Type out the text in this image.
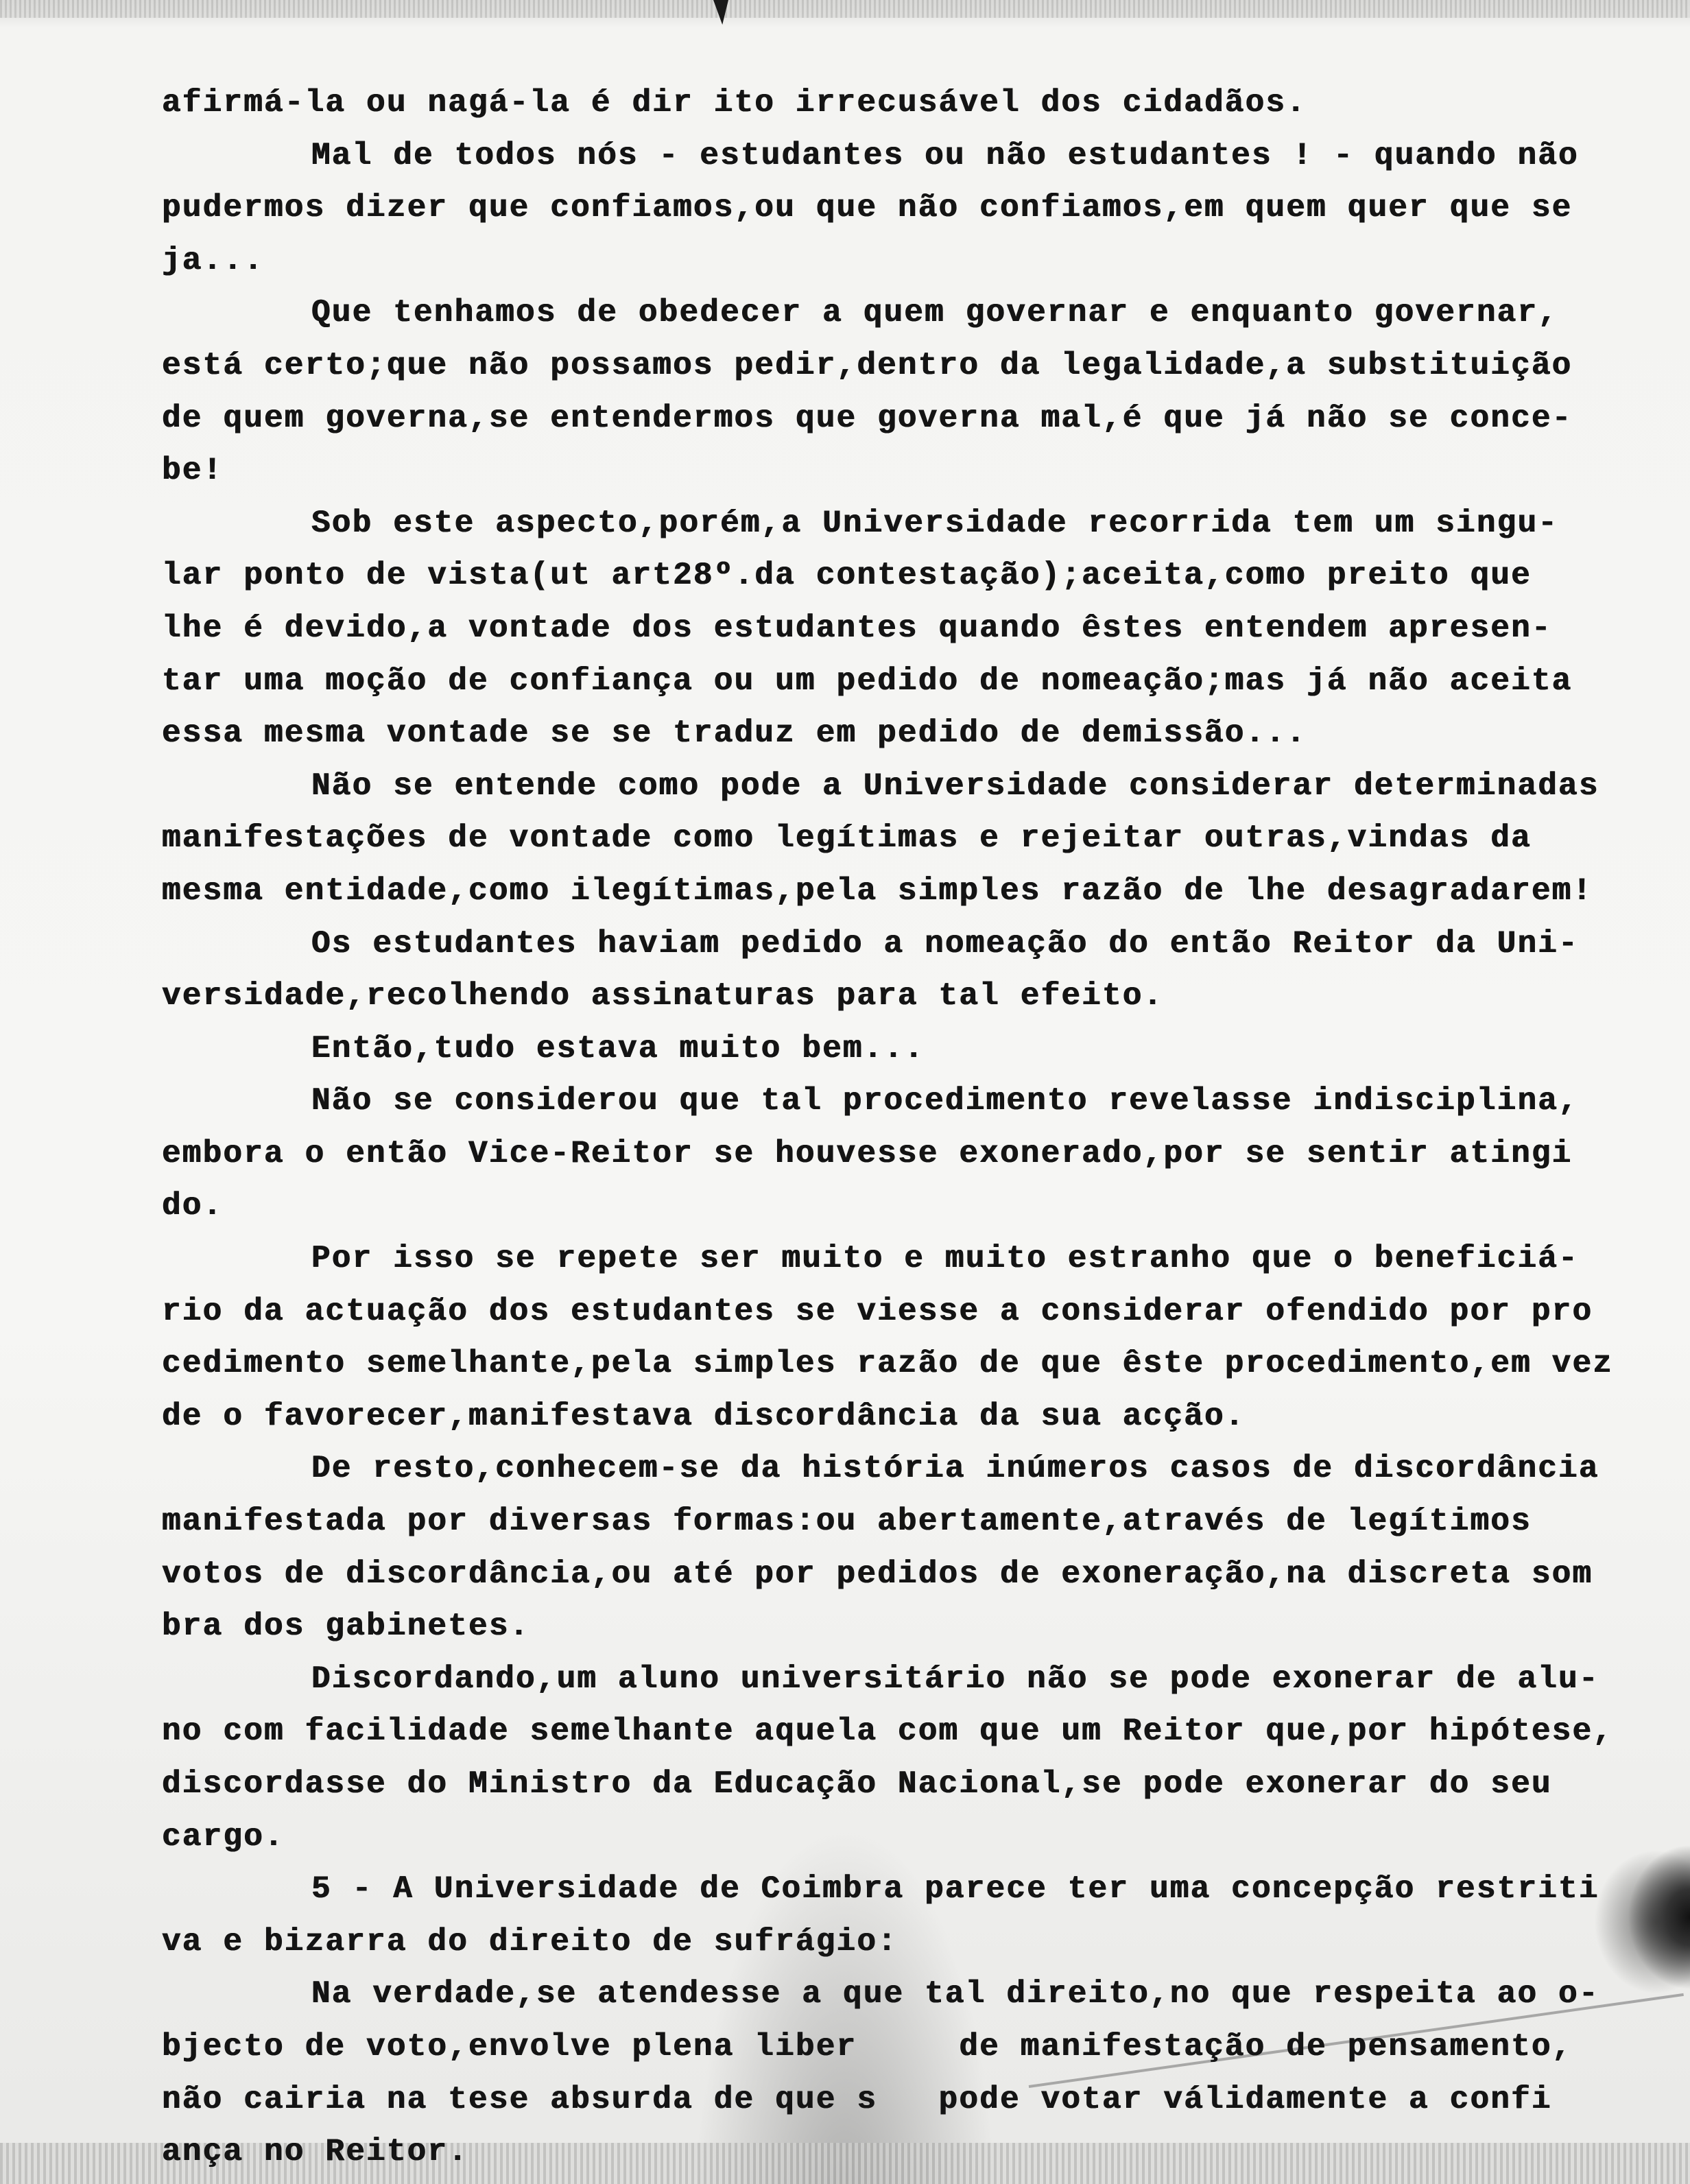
afirmá-la ou nagá-la é dir ito irrecusável dos cidadãos.
Mal de todos nós - estudantes ou não estudantes ! - quando não
pudermos dizer que confiamos,ou que não confiamos,em quem quer que se
ja...
Que tenhamos de obedecer a quem governar e enquanto governar,
está certo;que não possamos pedir,dentro da legalidade,a substituição
de quem governa,se entendermos que governa mal,é que já não se conce-
be!
Sob este aspecto,porém,a Universidade recorrida tem um singu-
lar ponto de vista(ut art28º.da contestação);aceita,como preito que
lhe é devido,a vontade dos estudantes quando êstes entendem apresen-
tar uma moção de confiança ou um pedido de nomeação;mas já não aceita
essa mesma vontade se se traduz em pedido de demissão...
Não se entende como pode a Universidade considerar determinadas
manifestações de vontade como legítimas e rejeitar outras,vindas da
mesma entidade,como ilegítimas,pela simples razão de lhe desagradarem!
Os estudantes haviam pedido a nomeação do então Reitor da Uni-
versidade,recolhendo assinaturas para tal efeito.
Então,tudo estava muito bem...
Não se considerou que tal procedimento revelasse indisciplina,
embora o então Vice-Reitor se houvesse exonerado,por se sentir atingi
do.
Por isso se repete ser muito e muito estranho que o beneficiá-
rio da actuação dos estudantes se viesse a considerar ofendido por pro
cedimento semelhante,pela simples razão de que êste procedimento,em vez
de o favorecer,manifestava discordância da sua acção.
De resto,conhecem-se da história inúmeros casos de discordância
manifestada por diversas formas:ou abertamente,através de legítimos
votos de discordância,ou até por pedidos de exoneração,na discreta som
bra dos gabinetes.
Discordando,um aluno universitário não se pode exonerar de alu-
no com facilidade semelhante aquela com que um Reitor que,por hipótese,
discordasse do Ministro da Educação Nacional,se pode exonerar do seu
cargo.
5 - A Universidade de Coimbra parece ter uma concepção restriti
va e bizarra do direito de sufrágio:
Na verdade,se atendesse a que tal direito,no que respeita ao o-
bjecto de voto,envolve plena liber     de manifestação de pensamento,
não cairia na tese absurda de que s   pode votar válidamente a confi
ança no Reitor.
